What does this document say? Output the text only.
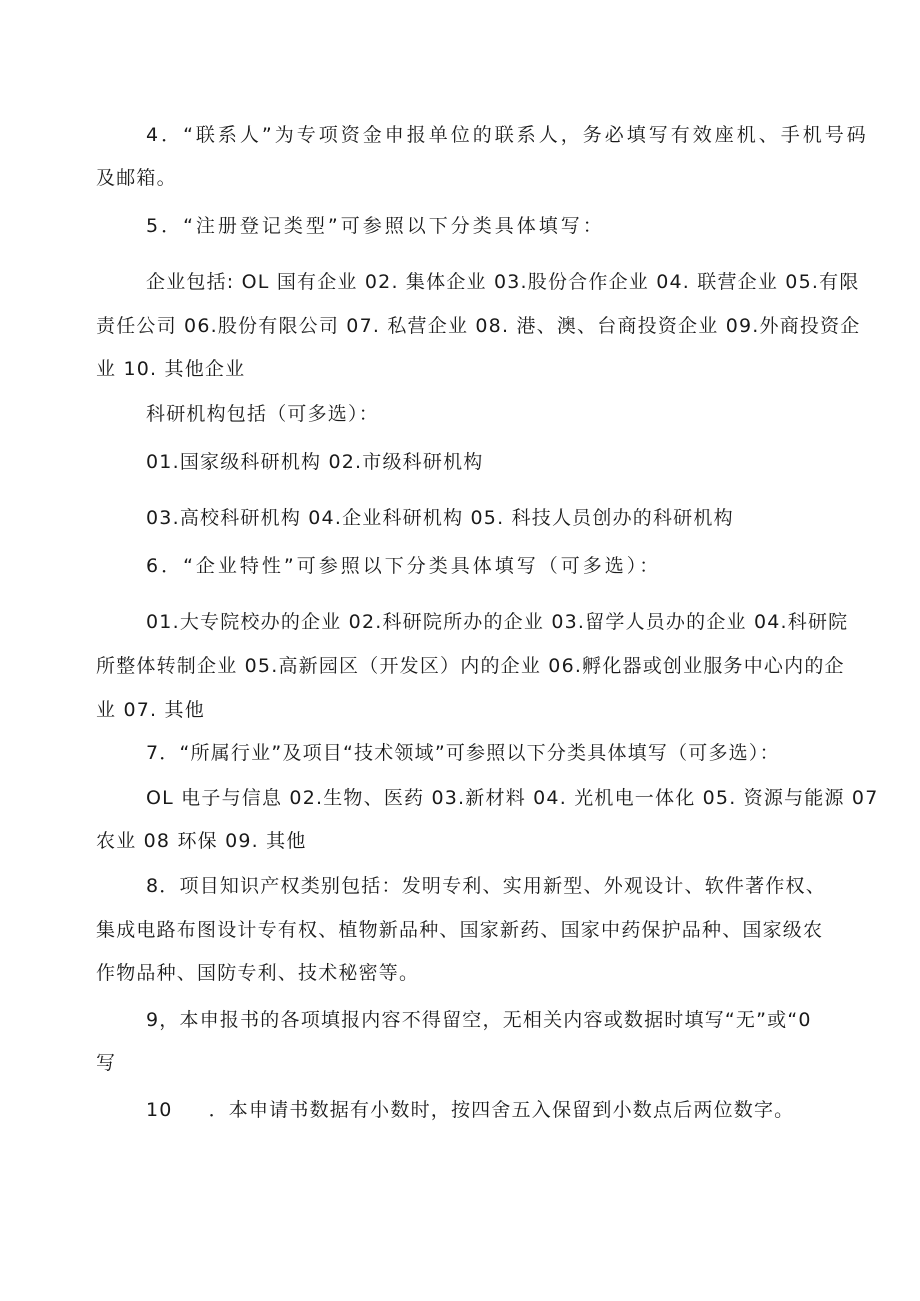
4．“联系人”为专项资金申报单位的联系人，务必填写有效座机、手机号码
及邮箱。
5．“注册登记类型”可参照以下分类具体填写：
企业包括: OL 国有企业 02. 集体企业 03.股份合作企业 04. 联营企业 05.有限
责任公司 06.股份有限公司 07. 私营企业 08. 港、澳、台商投资企业 09.外商投资企
业 10. 其他企业
科研机构包括（可多选）：
01.国家级科研机构 02.市级科研机构
03.高校科研机构 04.企业科研机构 05. 科技人员创办的科研机构
6．“企业特性”可参照以下分类具体填写（可多选）：
01.大专院校办的企业 02.科研院所办的企业 03.留学人员办的企业 04.科研院
所整体转制企业 05.高新园区（开发区）内的企业 06.孵化器或创业服务中心内的企
业 07. 其他
7．“所属行业”及项目“技术领域”可参照以下分类具体填写（可多选）：
OL 电子与信息 02.生物、医药 03.新材料 04. 光机电一体化 05. 资源与能源 07
农业 08 环保 09. 其他
8．项目知识产权类别包括：发明专利、实用新型、外观设计、软件著作权、
集成电路布图设计专有权、植物新品种、国家新药、国家中药保护品种、国家级农
作物品种、国防专利、技术秘密等。
9，本申报书的各项填报内容不得留空，无相关内容或数据时填写“无”或“0
写
10 ．本申请书数据有小数时，按四舍五入保留到小数点后两位数字。
